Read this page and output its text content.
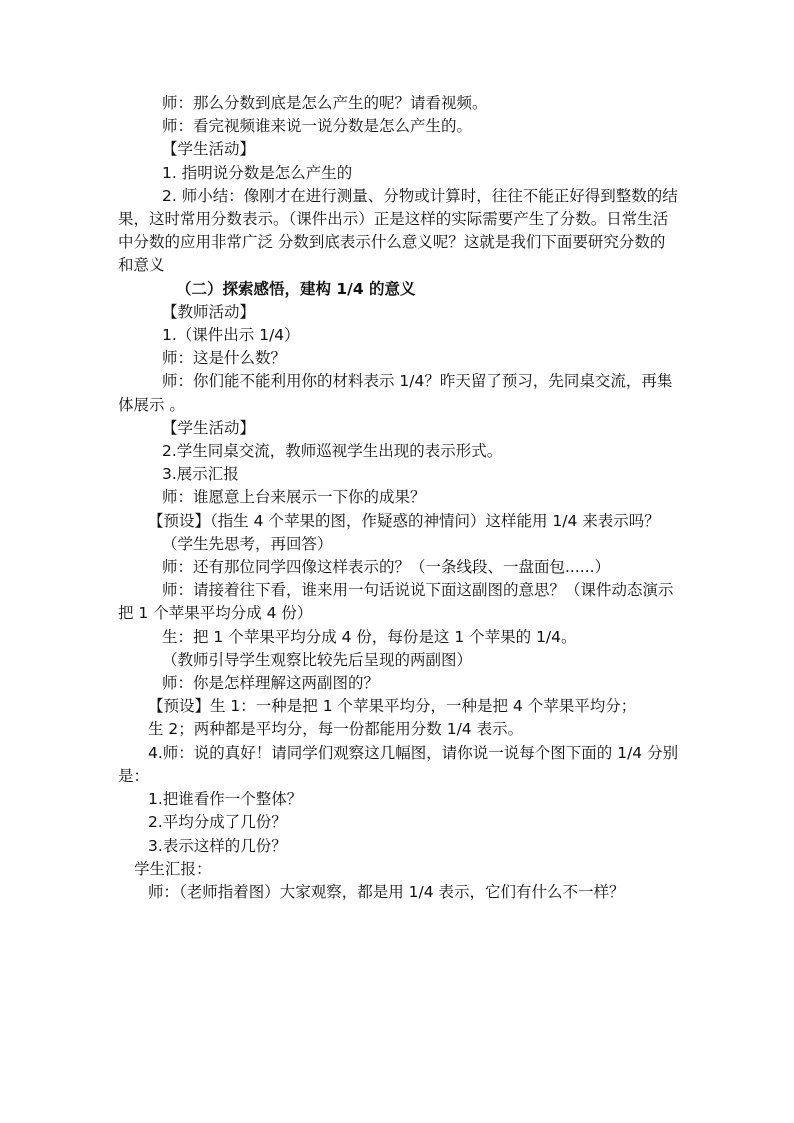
师：那么分数到底是怎么产生的呢？请看视频。

师：看完视频谁来说一说分数是怎么产生的。

【学生活动】

1. 指明说分数是怎么产生的

2. 师小结：像刚才在进行测量、分物或计算时，往往不能正好得到整数的结果，这时常用分数表示。（课件出示）正是这样的实际需要产生了分数。日常生活中分数的应用非常广泛 分数到底表示什么意义呢？这就是我们下面要研究分数的和意义

（二）探索感悟，建构 1/4 的意义

【教师活动】

1.（课件出示 1/4）

师：这是什么数？

师：你们能不能利用你的材料表示 1/4？昨天留了预习，先同桌交流，再集体展示 。

【学生活动】

2.学生同桌交流，教师巡视学生出现的表示形式。

3.展示汇报

师：谁愿意上台来展示一下你的成果？

【预设】（指生 4 个苹果的图，作疑惑的神情问）这样能用 1/4 来表示吗？

（学生先思考，再回答）

师：还有那位同学四像这样表示的？（一条线段、一盘面包......）

师：请接着往下看，谁来用一句话说说下面这副图的意思？（课件动态演示把 1 个苹果平均分成 4 份）

生：把 1 个苹果平均分成 4 份，每份是这 1 个苹果的 1/4。

（教师引导学生观察比较先后呈现的两副图）

师：你是怎样理解这两副图的？

【预设】生 1：一种是把 1 个苹果平均分，一种是把 4 个苹果平均分；

生 2；两种都是平均分，每一份都能用分数 1/4 表示。

4.师：说的真好！请同学们观察这几幅图，请你说一说每个图下面的 1/4 分别是：

1.把谁看作一个整体？

2.平均分成了几份？

3.表示这样的几份？

学生汇报：

师：（老师指着图）大家观察，都是用 1/4 表示，它们有什么不一样？
